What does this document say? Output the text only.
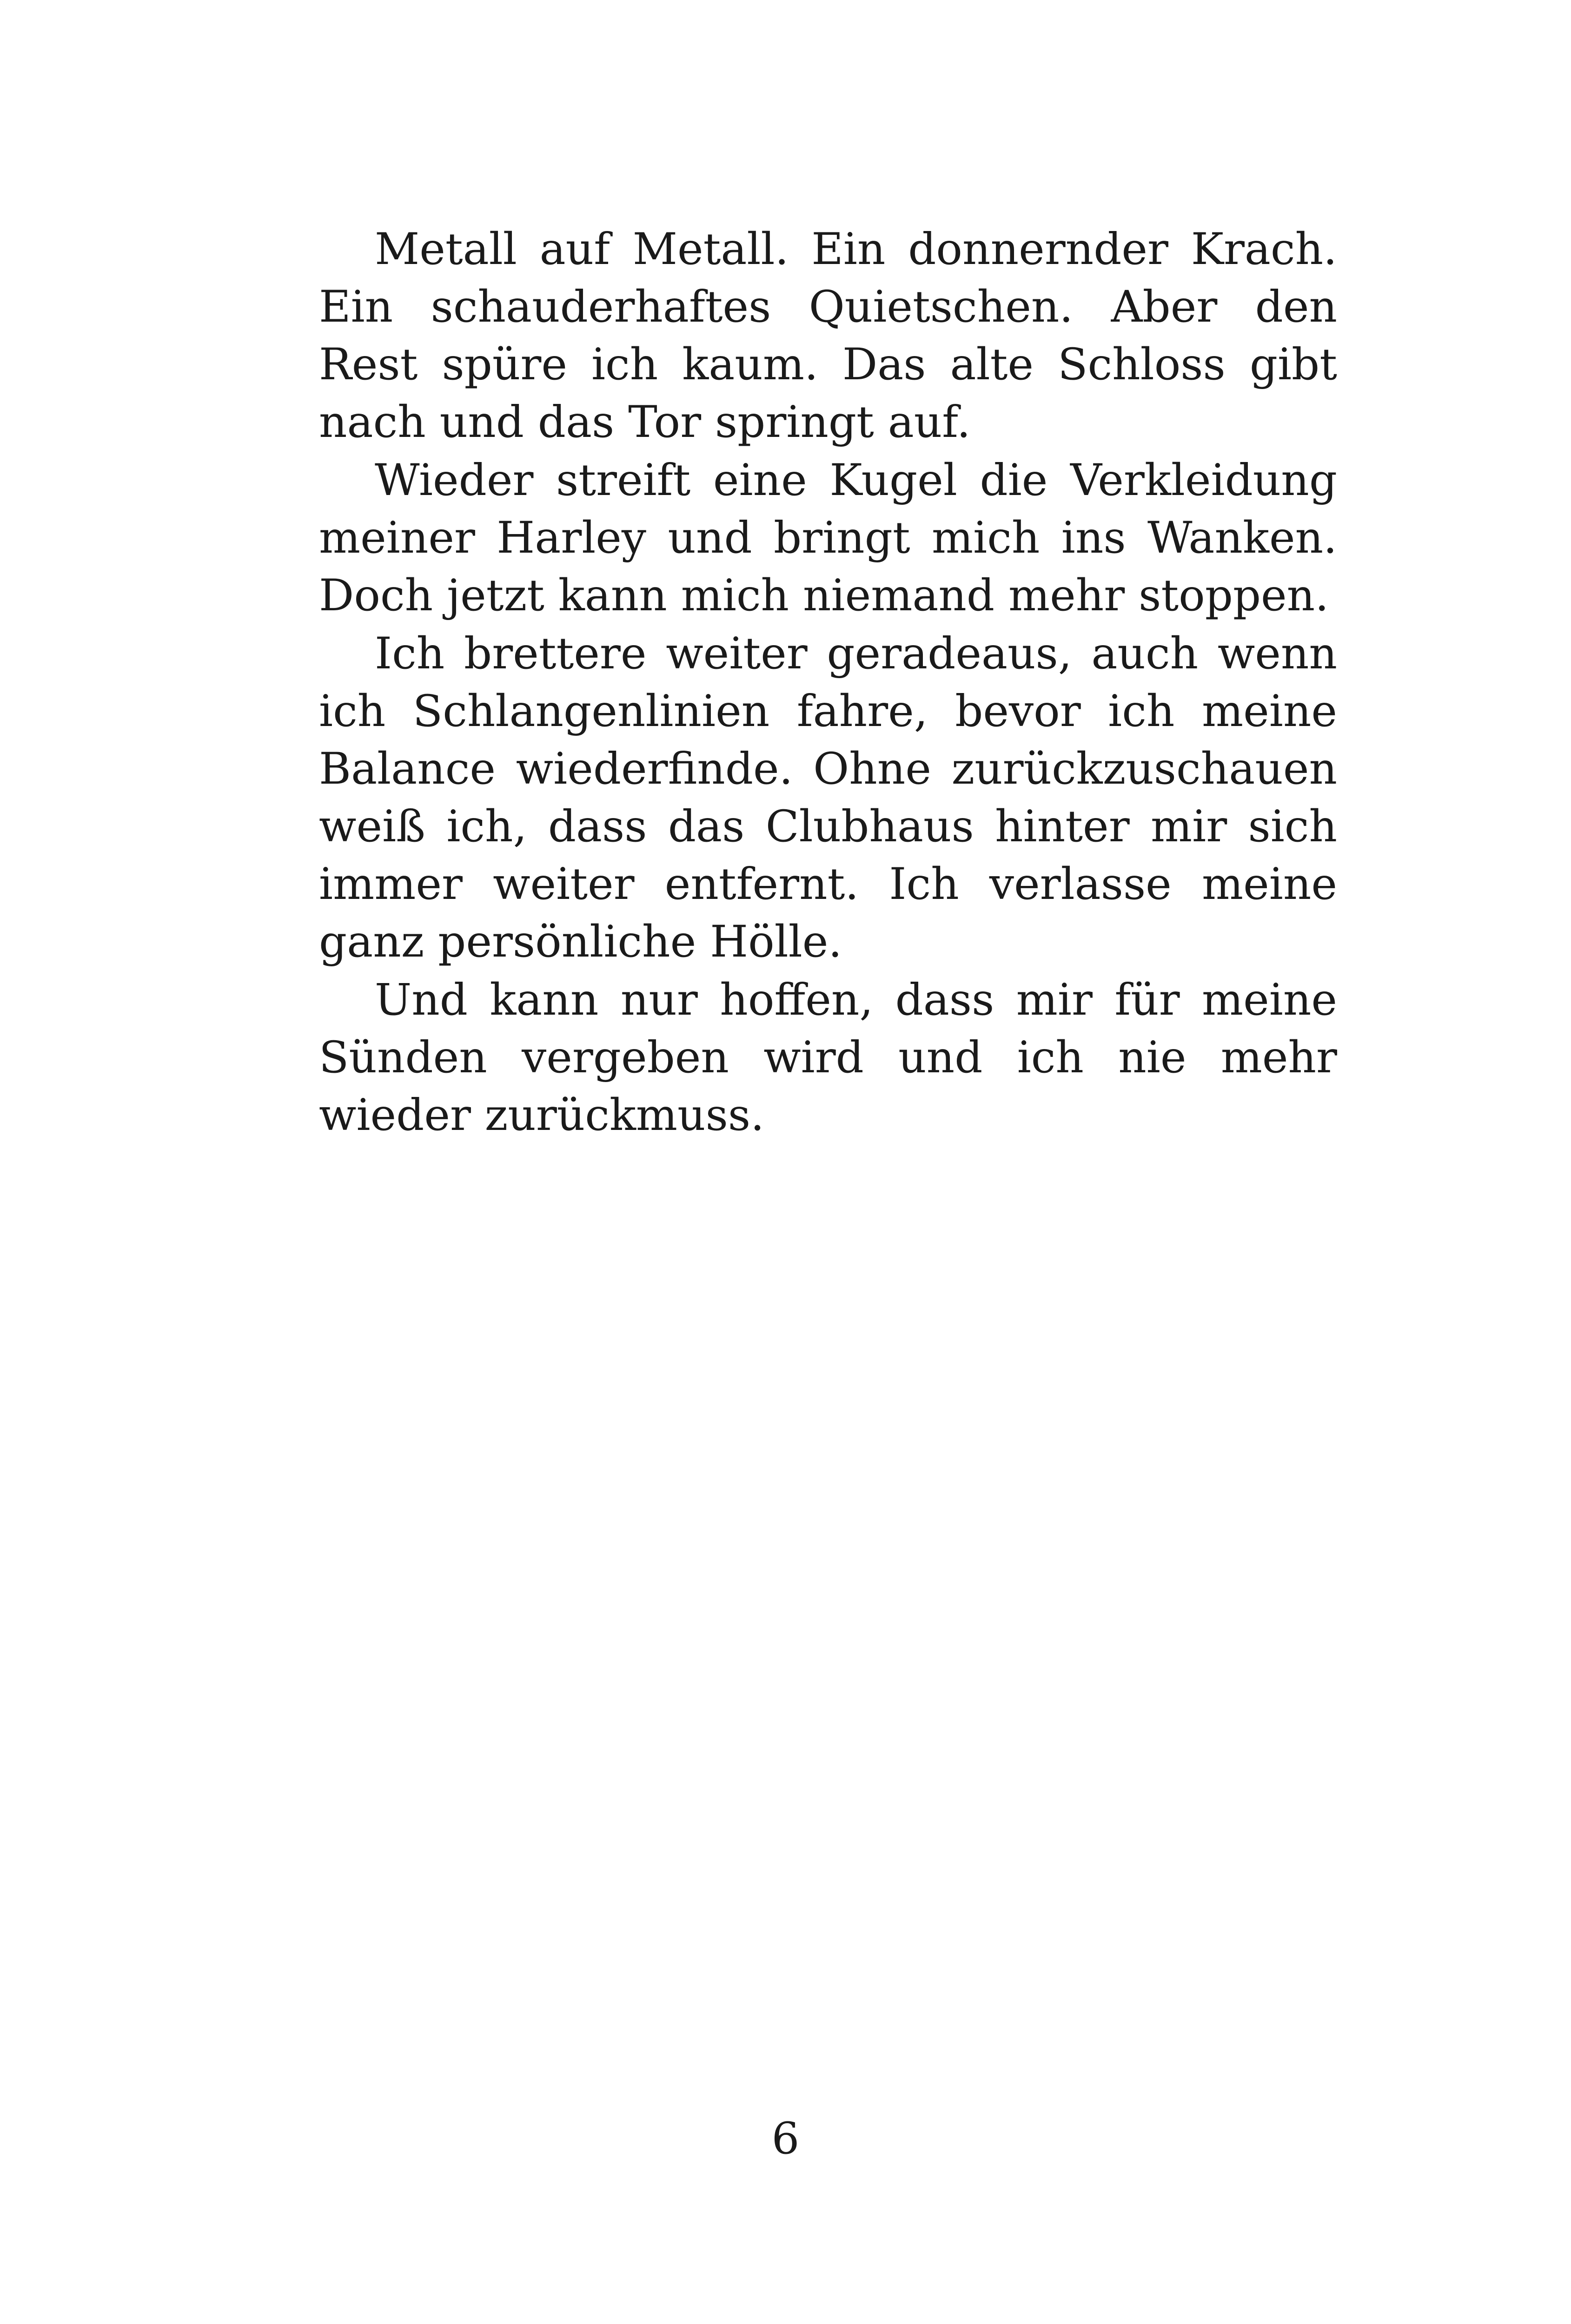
Metall auf Metall. Ein donnernder Krach. Ein schauderhaftes Quietschen. Aber den Rest spüre ich kaum. Das alte Schloss gibt nach und das Tor springt auf.

Wieder streift eine Kugel die Verkleidung meiner Harley und bringt mich ins Wanken. Doch jetzt kann mich niemand mehr stoppen.

Ich brettere weiter geradeaus, auch wenn ich Schlangenlinien fahre, bevor ich meine Balance wiederfinde. Ohne zurückzuschauen weiß ich, dass das Clubhaus hinter mir sich immer weiter entfernt. Ich verlasse meine ganz persönliche Hölle.

Und kann nur hoffen, dass mir für meine Sünden vergeben wird und ich nie mehr wieder zurückmuss.

6
